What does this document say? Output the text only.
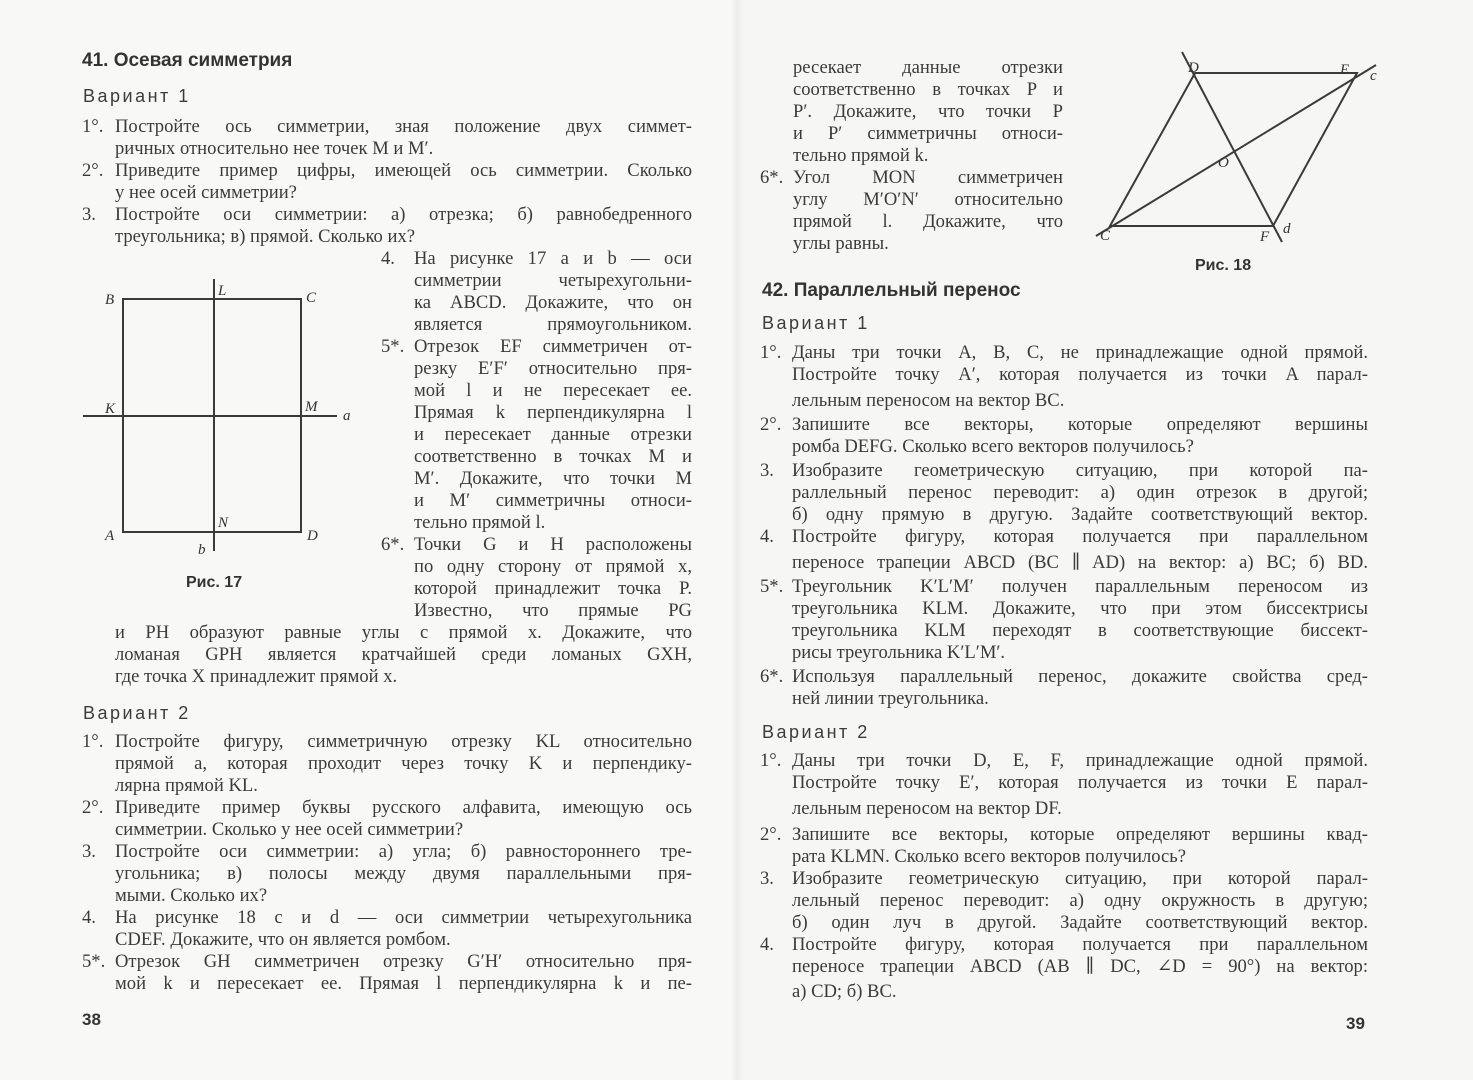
41. Осевая симметрия
Вариант 1
1°. Постройте ось симметрии, зная положение двух симмет-
ричных относительно нее точек M и M′.
2°. Приведите пример цифры, имеющей ось симметрии. Сколько
у нее осей симметрии?
3. Постройте оси симметрии: а) отрезка; б) равнобедренного
треугольника; в) прямой. Сколько их?
B
L	C
K	M
a
N
A	D
b
Рис. 17
4. На рисунке 17 a и b — оси
симметрии четырехугольни-
ка ABCD. Докажите, что он
является прямоугольником.
5*. Отрезок EF симметричен от-
резку E′F′ относительно пря-
мой l и не пересекает ее.
Прямая k перпендикулярна l
и пересекает данные отрезки
соответственно в точках M и
M′. Докажите, что точки M
и M′ симметричны относи-
тельно прямой l.
6*. Точки G и H расположены
по одну сторону от прямой x,
которой принадлежит точка P.
Известно, что прямые PG
и PH образуют равные углы с прямой x. Докажите, что
ломаная GPH является кратчайшей среди ломаных GXH,
где точка X принадлежит прямой x.
Вариант 2
1°. Постройте фигуру, симметричную отрезку KL относительно
прямой a, которая проходит через точку K и перпендику-
лярна прямой KL.
2°. Приведите пример буквы русского алфавита, имеющую ось
симметрии. Сколько у нее осей симметрии?
3. Постройте оси симметрии: а) угла; б) равностороннего тре-
угольника; в) полосы между двумя параллельными пря-
мыми. Сколько их?
4. На рисунке 18 c и d — оси симметрии четырехугольника
CDEF. Докажите, что он является ромбом.
5*. Отрезок GH симметричен отрезку G′H′ относительно пря-
мой k и пересекает ее. Прямая l перпендикулярна k и пе-
38
ресекает данные отрезки
соответственно в точках P и
P′. Докажите, что точки P
и P′ симметричны относи-
тельно прямой k.
6*. Угол MON симметричен
углу M′O′N′ относительно
прямой l. Докажите, что
углы равны.
D	E c
O
C	F d
Рис. 18
42. Параллельный перенос
Вариант 1
1°. Даны три точки A, B, C, не принадлежащие одной прямой.
Постройте точку A′, которая получается из точки A парал-
лельным переносом на вектор BC.
2°. Запишите все векторы, которые определяют вершины
ромба DEFG. Сколько всего векторов получилось?
3. Изобразите геометрическую ситуацию, при которой па-
раллельный перенос переводит: а) один отрезок в другой;
б) одну прямую в другую. Задайте соответствующий вектор.
4. Постройте фигуру, которая получается при параллельном
переносе трапеции ABCD (BC ∥ AD) на вектор: а) BC; б) BD.
5*. Треугольник K′L′M′ получен параллельным переносом из
треугольника KLM. Докажите, что при этом биссектрисы
треугольника KLM переходят в соответствующие биссект-
рисы треугольника K′L′M′.
6*. Используя параллельный перенос, докажите свойства сред-
ней линии треугольника.
Вариант 2
1°. Даны три точки D, E, F, принадлежащие одной прямой.
Постройте точку E′, которая получается из точки E парал-
лельным переносом на вектор DF.
2°. Запишите все векторы, которые определяют вершины квад-
рата KLMN. Сколько всего векторов получилось?
3. Изобразите геометрическую ситуацию, при которой парал-
лельный перенос переводит: а) одну окружность в другую;
б) один луч в другой. Задайте соответствующий вектор.
4. Постройте фигуру, которая получается при параллельном
переносе трапеции ABCD (AB ∥ DC, ∠D = 90°) на вектор:
а) CD; б) BC.
39
